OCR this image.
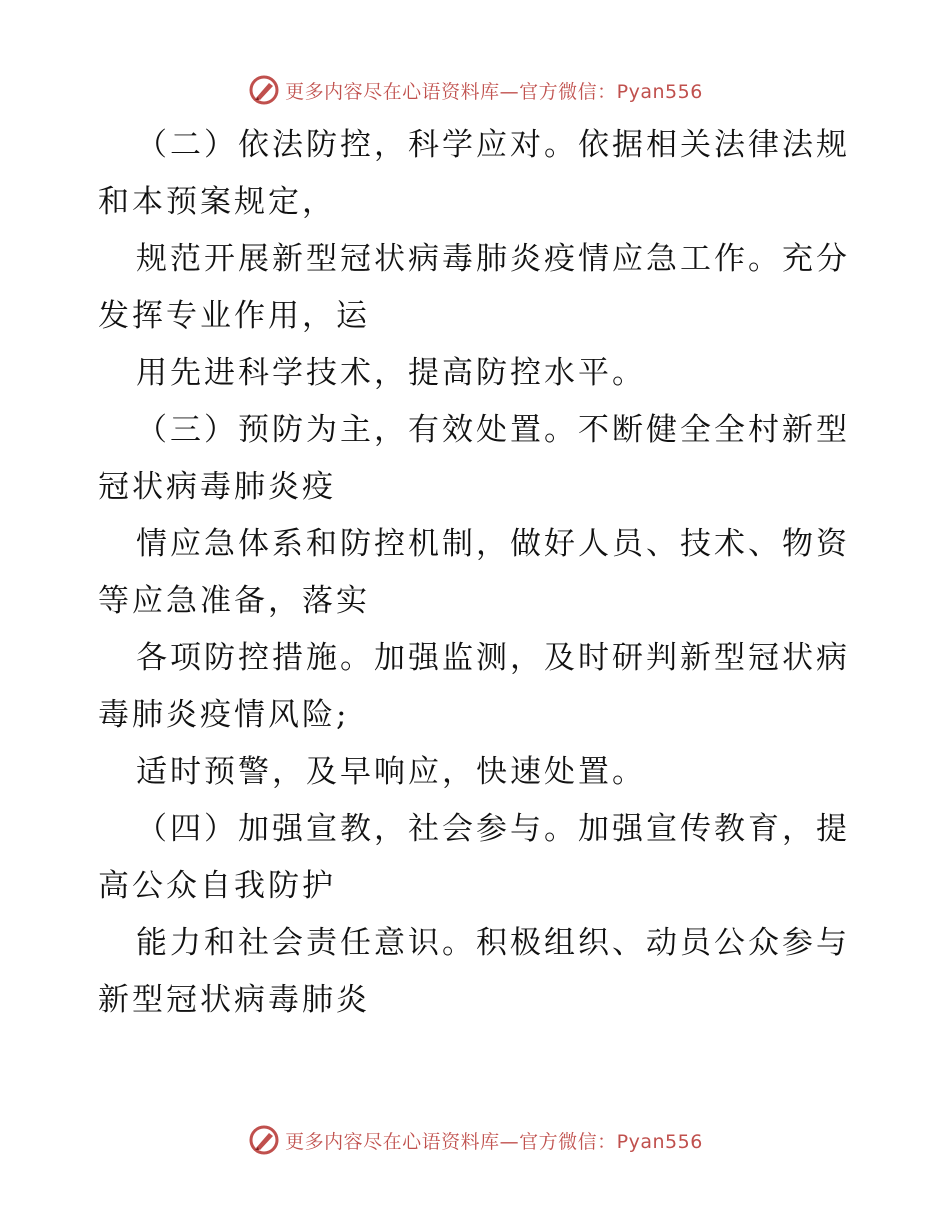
更多内容尽在心语资料库—官方微信：Pyan556

（二）依法防控，科学应对。依据相关法律法规

和本预案规定，

规范开展新型冠状病毒肺炎疫情应急工作。充分

发挥专业作用，运

用先进科学技术，提高防控水平。

（三）预防为主，有效处置。不断健全全村新型

冠状病毒肺炎疫

情应急体系和防控机制，做好人员、技术、物资

等应急准备，落实

各项防控措施。加强监测，及时研判新型冠状病

毒肺炎疫情风险;

适时预警，及早响应，快速处置。

（四）加强宣教，社会参与。加强宣传教育，提

高公众自我防护

能力和社会责任意识。积极组织、动员公众参与

新型冠状病毒肺炎

更多内容尽在心语资料库—官方微信：Pyan556
